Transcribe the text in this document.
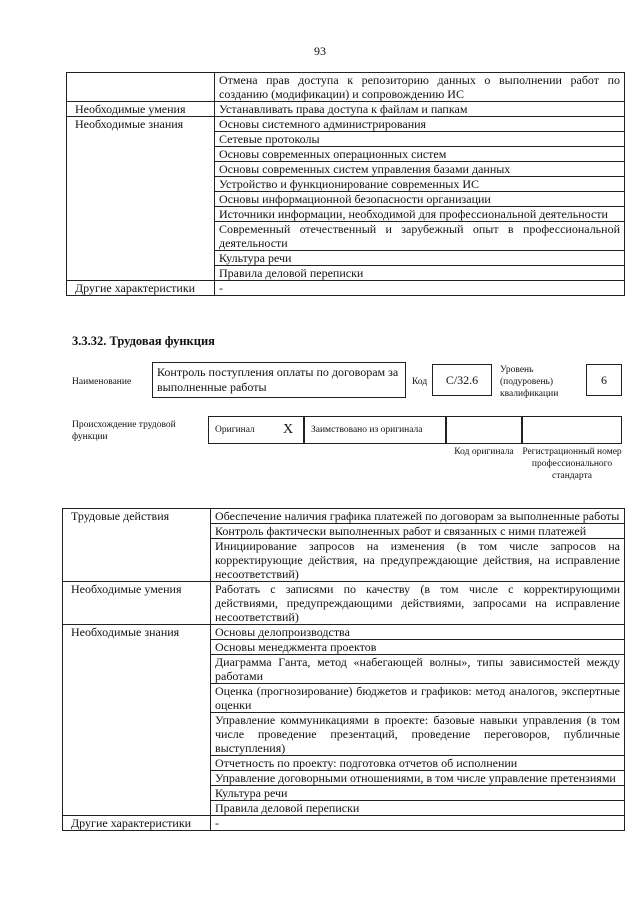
93
	Отмена прав доступа к репозиторию данных о выполнении работ по созданию (модификации) и сопровождению ИС
Необходимые умения	Устанавливать права доступа к файлам и папкам
Необходимые знания	Основы системного администрирования
	Сетевые протоколы
	Основы современных операционных систем
	Основы современных систем управления базами данных
	Устройство и функционирование современных ИС
	Основы информационной безопасности организации
	Источники информации, необходимой для профессиональной деятельности
	Современный отечественный и зарубежный опыт в профессиональной деятельности
	Культура речи
	Правила деловой переписки
Другие характеристики	-
3.3.32. Трудовая функция
Наименование
Контроль поступления оплаты по договорам за выполненные работы	Код	C/32.6
Уровень (подуровень) квалификации
6
Происхождение трудовой функции
Оригинал X Заимствовано из оригинала
Код оригинала Регистрационный номер профессионального стандарта
Трудовые действия	Обеспечение наличия графика платежей по договорам за выполненные работы
	Контроль фактически выполненных работ и связанных с ними платежей
	Инициирование запросов на изменения (в том числе запросов на корректирующие действия, на предупреждающие действия, на исправление несоответствий)
Необходимые умения	Работать с записями по качеству (в том числе с корректирующими действиями, предупреждающими действиями, запросами на исправление несоответствий)
Необходимые знания	Основы делопроизводства
	Основы менеджмента проектов
	Диаграмма Ганта, метод «набегающей волны», типы зависимостей между работами
	Оценка (прогнозирование) бюджетов и графиков: метод аналогов, экспертные оценки
	Управление коммуникациями в проекте: базовые навыки управления (в том числе проведение презентаций, проведение переговоров, публичные выступления)
	Отчетность по проекту: подготовка отчетов об исполнении
	Управление договорными отношениями, в том числе управление претензиями
	Культура речи
	Правила деловой переписки
Другие характеристики	-
